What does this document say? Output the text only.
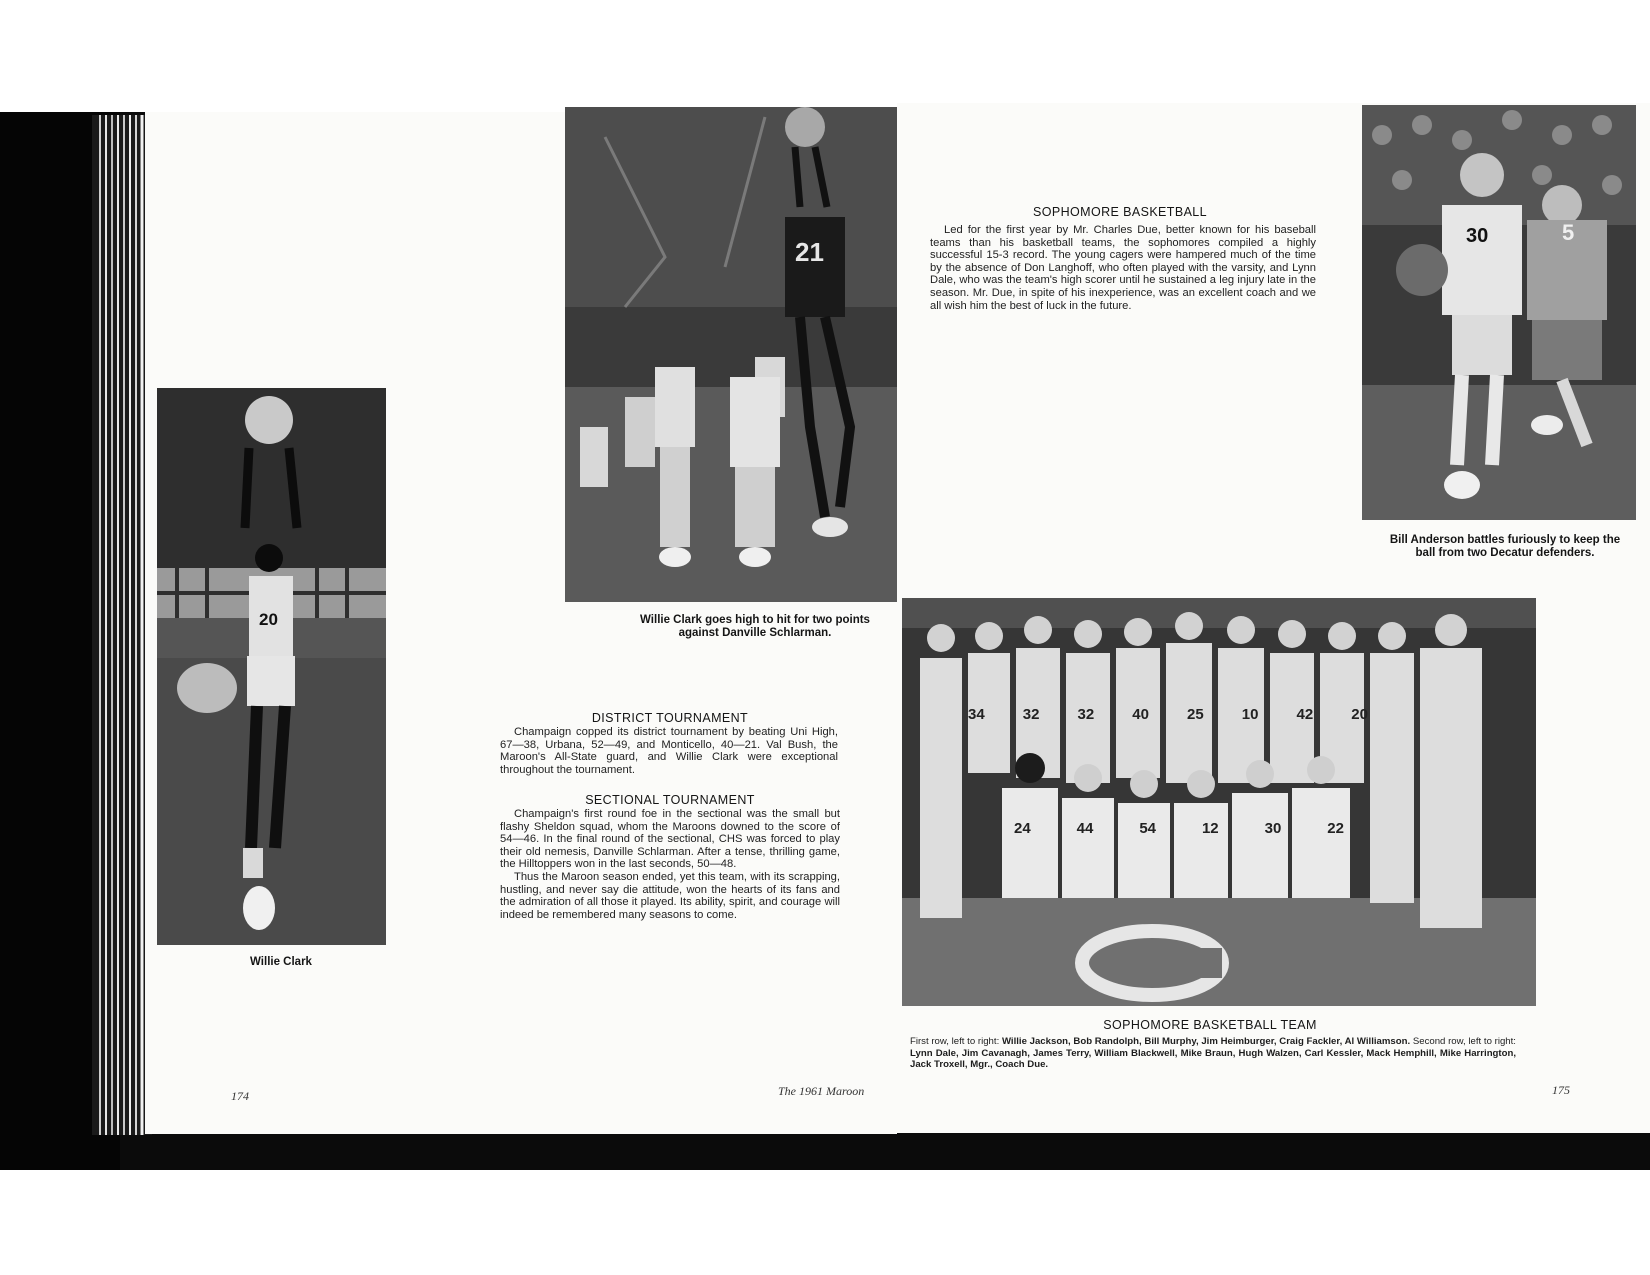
20
Willie Clark
21
Willie Clark goes high to hit for two points against Danville Schlarman.
DISTRICT TOURNAMENT

Champaign copped its district tournament by beating Uni High, 67—38, Urbana, 52—49, and Monticello, 40—21. Val Bush, the Maroon's All-State guard, and Willie Clark were exceptional throughout the tournament.

SECTIONAL TOURNAMENT

Champaign's first round foe in the sectional was the small but flashy Sheldon squad, whom the Maroons downed to the score of 54—46. In the final round of the sectional, CHS was forced to play their old nemesis, Danville Schlarman. After a tense, thrilling game, the Hilltoppers won in the last seconds, 50—48.

Thus the Maroon season ended, yet this team, with its scrapping, hustling, and never say die attitude, won the hearts of its fans and the admiration of all those it played. Its ability, spirit, and courage will indeed be remembered many seasons to come.

174	The 1961 Maroon
SOPHOMORE BASKETBALL

Led for the first year by Mr. Charles Due, better known for his baseball teams than his basketball teams, the sophomores compiled a highly successful 15-3 record. The young cagers were hampered much of the time by the absence of Don Langhoff, who often played with the varsity, and Lynn Dale, who was the team's high scorer until he sustained a leg injury late in the season. Mr. Due, in spite of his inexperience, was an excellent coach and we all wish him the best of luck in the future.

30	5
Bill Anderson battles furiously to keep the ball from two Decatur defenders.
34	32	32	40	25	10	42	20
24	44	54	12	30	22
SOPHOMORE BASKETBALL TEAM
First row, left to right: Willie Jackson, Bob Randolph, Bill Murphy, Jim Heimburger, Craig Fackler, Al Williamson. Second row, left to right: Lynn Dale, Jim Cavanagh, James Terry, William Blackwell, Mike Braun, Hugh Walzen, Carl Kessler, Mack Hemphill, Mike Harrington, Jack Troxell, Mgr., Coach Due.
175
